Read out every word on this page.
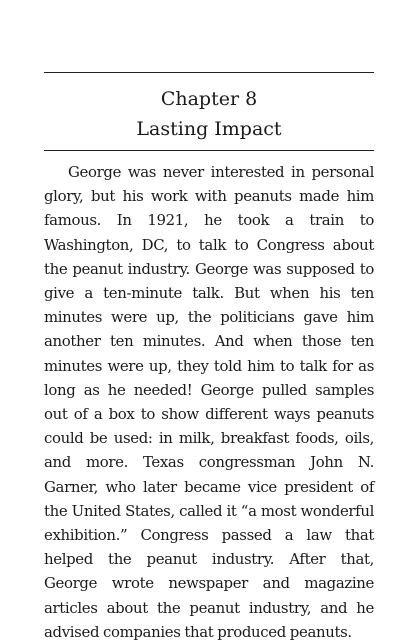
Chapter 8
Lasting Impact

George was never interested in personal glory, but his work with peanuts made him famous. In 1921, he took a train to Washington, DC, to talk to Congress about the peanut industry. George was supposed to give a ten-minute talk. But when his ten minutes were up, the politicians gave him another ten minutes. And when those ten minutes were up, they told him to talk for as long as he needed! George pulled samples out of a box to show different ways peanuts could be used: in milk, breakfast foods, oils, and more. Texas congressman John N. Garner, who later became vice president of the United States, called it “a most wonderful exhibition.” Congress passed a law that helped the peanut industry. After that, George wrote newspaper and magazine articles about the peanut industry, and he advised companies that produced peanuts.
